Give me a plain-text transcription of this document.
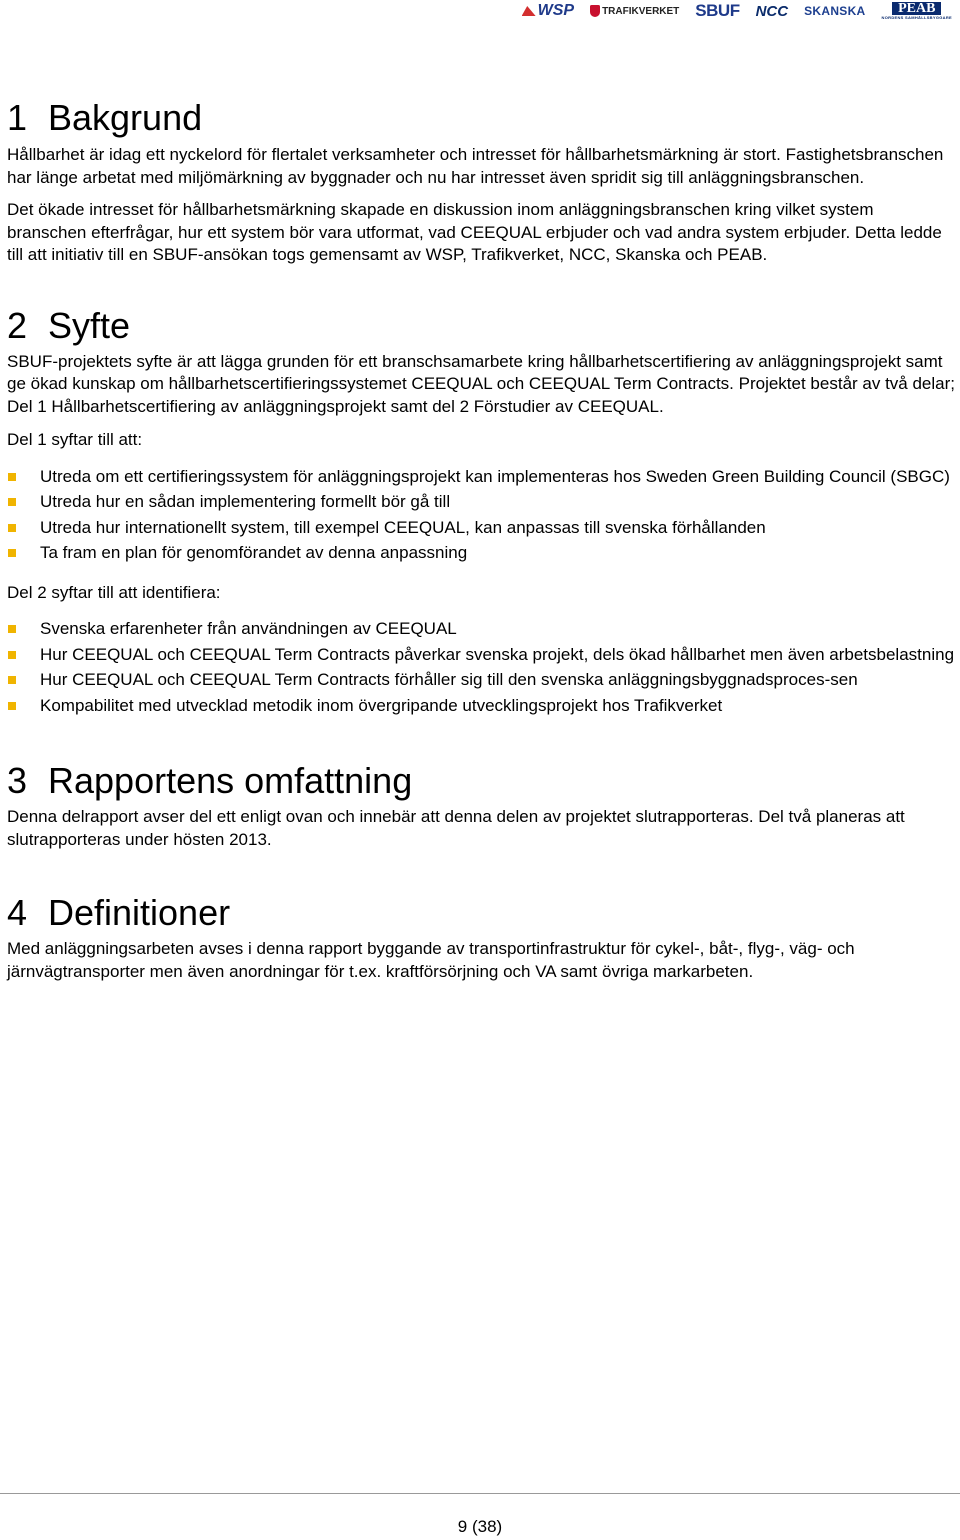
WSP	TRAFIKVERKET SBUF NCC SKANSKA	PEAB
NORDENS SAMHÄLLSBYGGARE
1 Bakgrund

Hållbarhet är idag ett nyckelord för flertalet verksamheter och intresset för hållbarhetsmärkning är stort. Fastighetsbranschen har länge arbetat med miljömärkning av byggnader och nu har intresset även spridit sig till anläggningsbranschen.

Det ökade intresset för hållbarhetsmärkning skapade en diskussion inom anläggningsbranschen kring vilket system branschen efterfrågar, hur ett system bör vara utformat, vad CEEQUAL erbjuder och vad andra system erbjuder. Detta ledde till att initiativ till en SBUF-ansökan togs gemensamt av WSP, Trafikverket, NCC, Skanska och PEAB.

2 Syfte

SBUF-projektets syfte är att lägga grunden för ett branschsamarbete kring hållbarhetscertifiering av anläggningsprojekt samt ge ökad kunskap om hållbarhetscertifieringssystemet CEEQUAL och CEEQUAL Term Contracts. Projektet består av två delar; Del 1 Hållbarhetscertifiering av anläggningsprojekt samt del 2 Förstudier av CEEQUAL.

Del 1 syftar till att:

Utreda om ett certifieringssystem för anläggningsprojekt kan implementeras hos Sweden Green Building Council (SBGC)
Utreda hur en sådan implementering formellt bör gå till
Utreda hur internationellt system, till exempel CEEQUAL, kan anpassas till svenska förhållanden
Ta fram en plan för genomförandet av denna anpassning

Del 2 syftar till att identifiera:

Svenska erfarenheter från användningen av CEEQUAL
Hur CEEQUAL och CEEQUAL Term Contracts påverkar svenska projekt, dels ökad hållbarhet men även arbetsbelastning
Hur CEEQUAL och CEEQUAL Term Contracts förhåller sig till den svenska anläggningsbyggnadsproces-sen
Kompabilitet med utvecklad metodik inom övergripande utvecklingsprojekt hos Trafikverket
3 Rapportens omfattning

Denna delrapport avser del ett enligt ovan och innebär att denna delen av projektet slutrapporteras. Del två planeras att slutrapporteras under hösten 2013.

4 Definitioner

Med anläggningsarbeten avses i denna rapport byggande av transportinfrastruktur för cykel-, båt-, flyg-, väg- och järnvägtransporter men även anordningar för t.ex. kraftförsörjning och VA samt övriga markarbeten.

9 (38)
